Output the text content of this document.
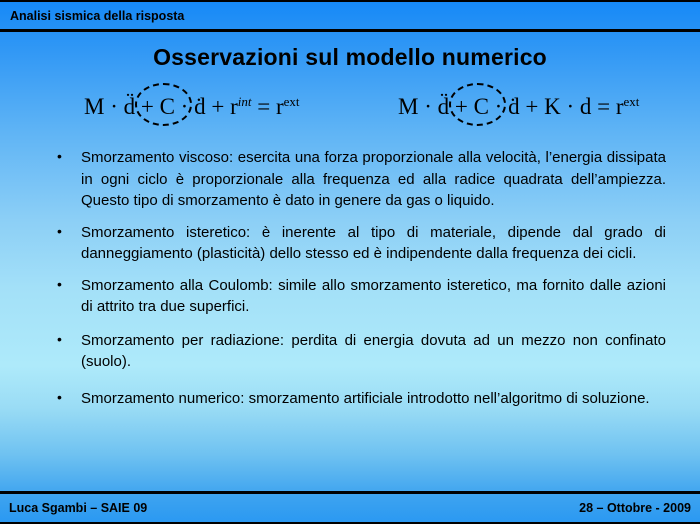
Analisi sismica della risposta
Osservazioni sul modello numerico
M · d̈ + C ·
ḋ + $r^{int} = r^{ext}$	M · d̈ + C ·
ḋ + $K \cdot d = r^{ext}$
• Smorzamento viscoso: esercita una forza proporzionale alla velocità, l’energia dissipata in ogni ciclo è proporzionale alla frequenza ed alla radice quadrata dell’ampiezza. Questo tipo di smorzamento è dato in genere da gas o liquido.
• Smorzamento isteretico: è inerente al tipo di materiale, dipende dal grado di danneggiamento (plasticità) dello stesso ed è indipendente dalla frequenza dei cicli.
• Smorzamento alla Coulomb: simile allo smorzamento isteretico, ma fornito dalle azioni di attrito tra due superfici.
• Smorzamento per radiazione: perdita di energia dovuta ad un mezzo non confinato (suolo).
• Smorzamento numerico: smorzamento artificiale introdotto nell’algoritmo di soluzione.
Luca Sgambi – SAIE 09	28 – Ottobre - 2009
